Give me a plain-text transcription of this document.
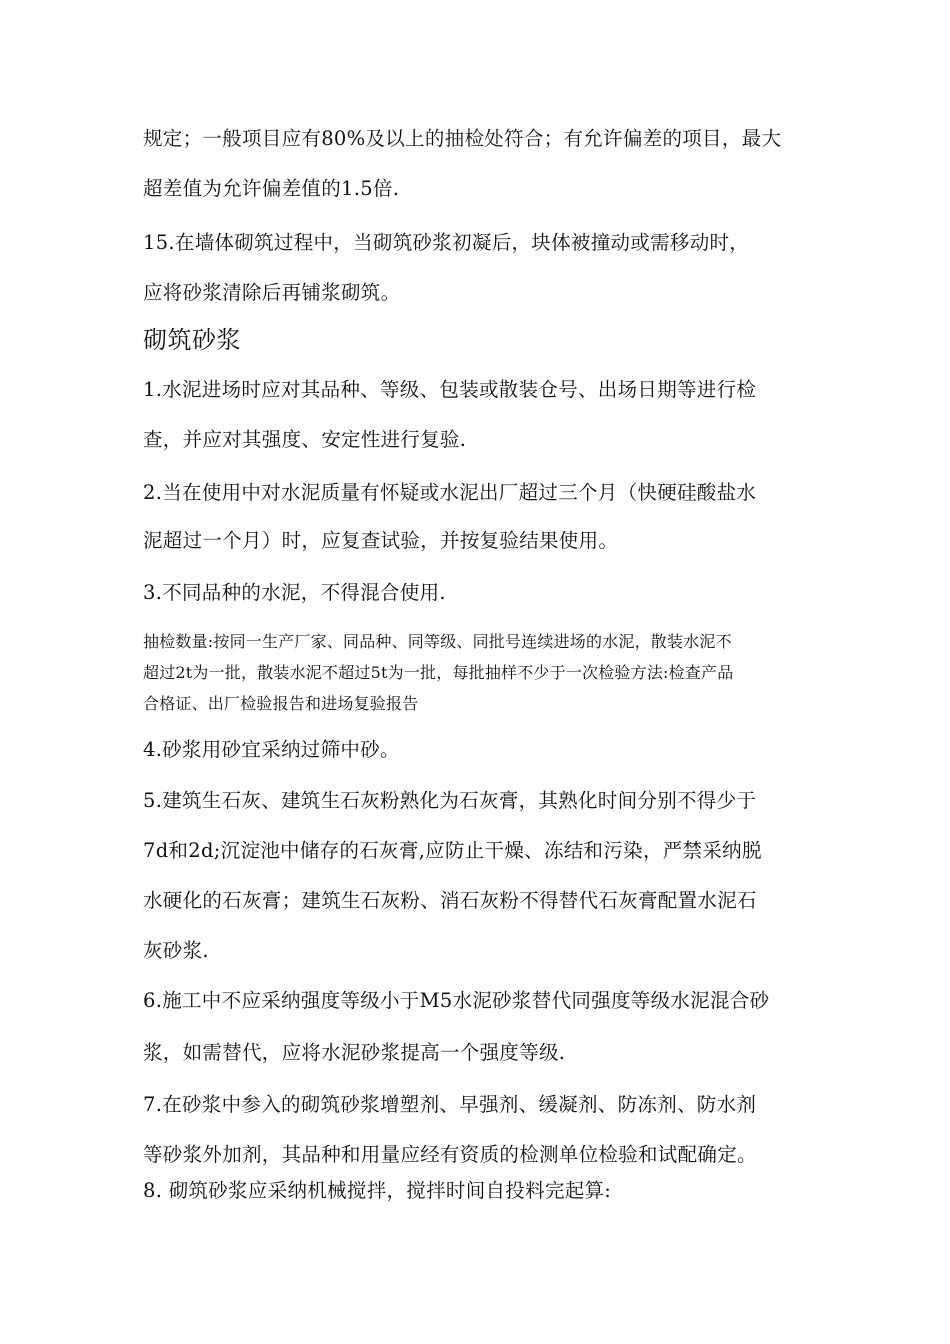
规定；一般项目应有80%及以上的抽检处符合；有允许偏差的项目，最大
超差值为允许偏差值的1.5倍.
15.在墙体砌筑过程中，当砌筑砂浆初凝后，块体被撞动或需移动时，
应将砂浆清除后再铺浆砌筑。
砌筑砂浆
1.水泥进场时应对其品种、等级、包装或散装仓号、出场日期等进行检
查，并应对其强度、安定性进行复验.
2.当在使用中对水泥质量有怀疑或水泥出厂超过三个月（快硬硅酸盐水
泥超过一个月）时，应复查试验，并按复验结果使用。
3.不同品种的水泥，不得混合使用.
抽检数量:按同一生产厂家、同品种、同等级、同批号连续进场的水泥，散装水泥不
超过2t为一批，散装水泥不超过5t为一批，每批抽样不少于一次检验方法:检查产品
合格证、出厂检验报告和进场复验报告
4.砂浆用砂宜采纳过筛中砂。
5.建筑生石灰、建筑生石灰粉熟化为石灰膏，其熟化时间分别不得少于
7d和2d;沉淀池中储存的石灰膏,应防止干燥、冻结和污染，严禁采纳脱
水硬化的石灰膏；建筑生石灰粉、消石灰粉不得替代石灰膏配置水泥石
灰砂浆.
6.施工中不应采纳强度等级小于M5水泥砂浆替代同强度等级水泥混合砂
浆，如需替代，应将水泥砂浆提高一个强度等级.
7.在砂浆中参入的砌筑砂浆增塑剂、早强剂、缓凝剂、防冻剂、防水剂
等砂浆外加剂，其品种和用量应经有资质的检测单位检验和试配确定。
8. 砌筑砂浆应采纳机械搅拌，搅拌时间自投料完起算:
